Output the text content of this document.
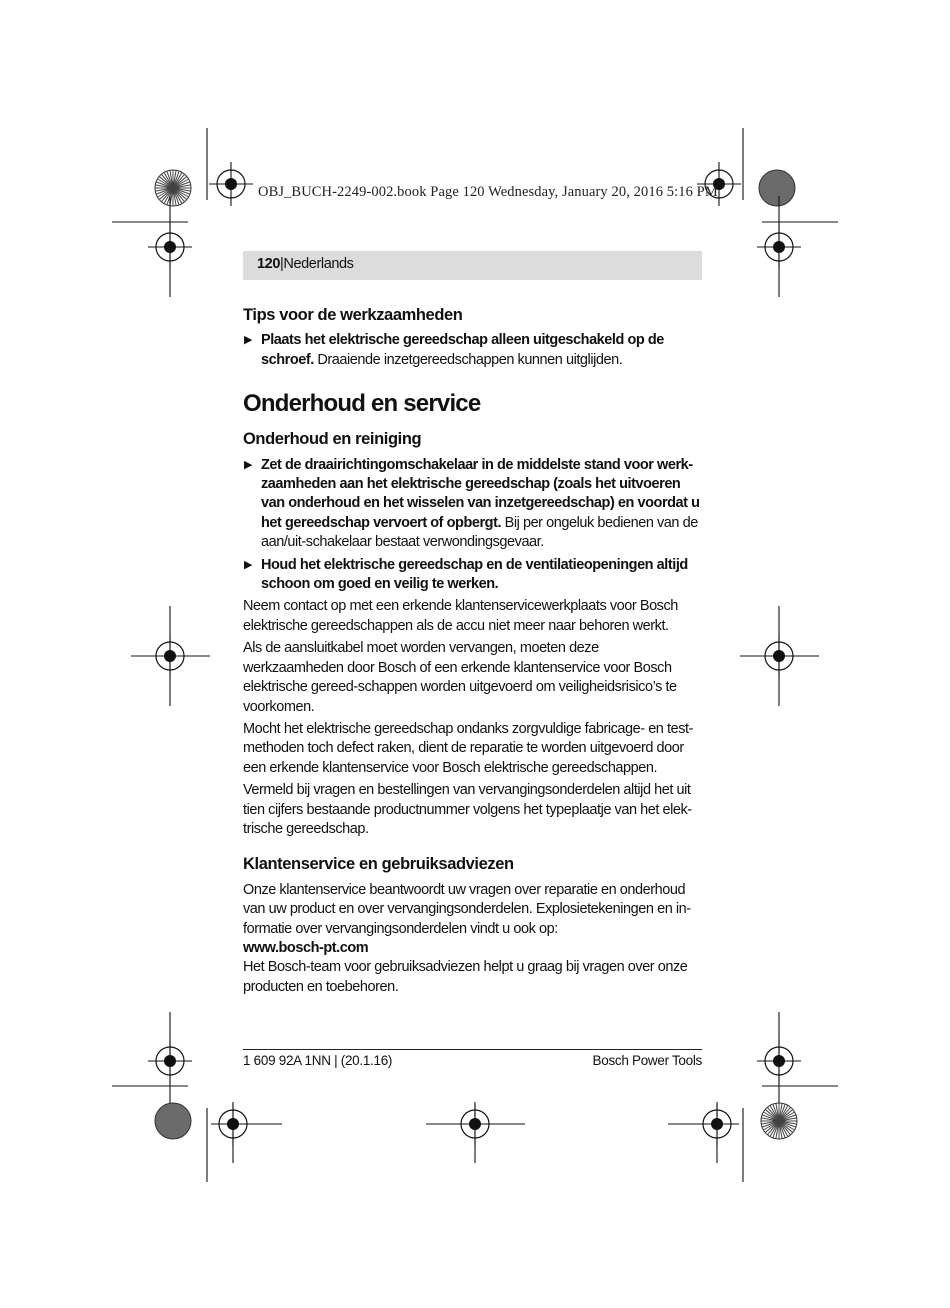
OBJ_BUCH-2249-002.book Page 120 Wednesday, January 20, 2016 5:16 PM
120|Nederlands
Tips voor de werkzaamheden
▶ Plaats het elektrische gereedschap alleen uitgeschakeld op de schroef. Draaiende inzetgereedschappen kunnen uitglijden.
Onderhoud en service
Onderhoud en reiniging
▶ Zet de draairichtingomschakelaar in de middelste stand voor werk-zaamheden aan het elektrische gereedschap (zoals het uitvoeren van onderhoud en het wisselen van inzetgereedschap) en voordat u het gereedschap vervoert of opbergt. Bij per ongeluk bedienen van de aan/uit-schakelaar bestaat verwondingsgevaar.
▶ Houd het elektrische gereedschap en de ventilatieopeningen altijd schoon om goed en veilig te werken.

Neem contact op met een erkende klantenservicewerkplaats voor Bosch elektrische gereedschappen als de accu niet meer naar behoren werkt.

Als de aansluitkabel moet worden vervangen, moeten deze werkzaamheden door Bosch of een erkende klantenservice voor Bosch elektrische gereed-schappen worden uitgevoerd om veiligheidsrisico’s te voorkomen.

Mocht het elektrische gereedschap ondanks zorgvuldige fabricage- en test-methoden toch defect raken, dient de reparatie te worden uitgevoerd door een erkende klantenservice voor Bosch elektrische gereedschappen.

Vermeld bij vragen en bestellingen van vervangingsonderdelen altijd het uit tien cijfers bestaande productnummer volgens het typeplaatje van het elek-trische gereedschap.

Klantenservice en gebruiksadviezen

Onze klantenservice beantwoordt uw vragen over reparatie en onderhoud van uw product en over vervangingsonderdelen. Explosietekeningen en in-formatie over vervangingsonderdelen vindt u ook op:

www.bosch-pt.com

Het Bosch-team voor gebruiksadviezen helpt u graag bij vragen over onze producten en toebehoren.

1 609 92A 1NN | (20.1.16)	Bosch Power Tools
